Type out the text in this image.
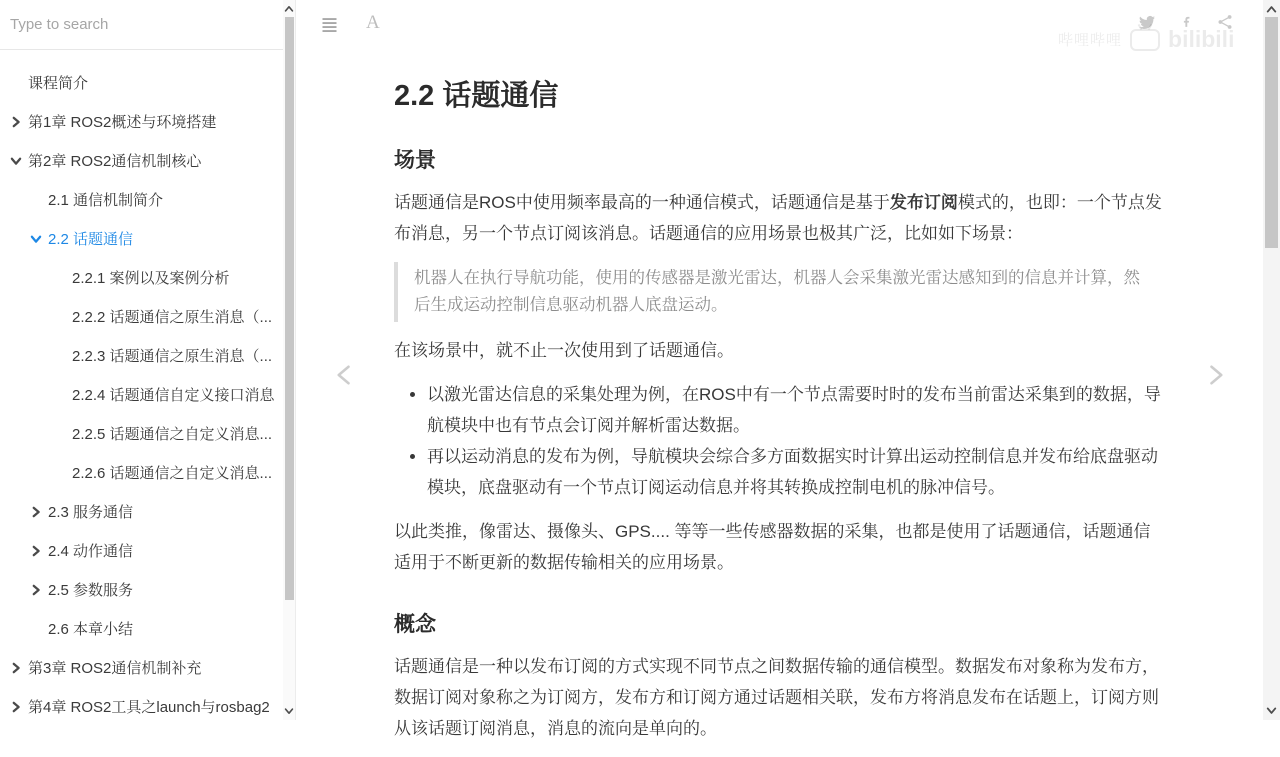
Type to search
课程简介
第1章 ROS2概述与环境搭建
第2章 ROS2通信机制核心
2.1 通信机制简介
2.2 话题通信
2.2.1 案例以及案例分析
2.2.2 话题通信之原生消息（...
2.2.3 话题通信之原生消息（...
2.2.4 话题通信自定义接口消息
2.2.5 话题通信之自定义消息...
2.2.6 话题通信之自定义消息...
2.3 服务通信
2.4 动作通信
2.5 参数服务
2.6 本章小结
第3章 ROS2通信机制补充
第4章 ROS2工具之launch与rosbag2
A
哔哩哔哩 bilibili
2.2 话题通信
场景

话题通信是ROS中使用频率最高的一种通信模式，话题通信是基于发布订阅模式的，也即：一个节点发布消息，另一个节点订阅该消息。话题通信的应用场景也极其广泛，比如如下场景：

机器人在执行导航功能，使用的传感器是激光雷达，机器人会采集激光雷达感知到的信息并计算，然后生成运动控制信息驱动机器人底盘运动。

在该场景中，就不止一次使用到了话题通信。

• 以激光雷达信息的采集处理为例，在ROS中有一个节点需要时时的发布当前雷达采集到的数据，导航模块中也有节点会订阅并解析雷达数据。
• 再以运动消息的发布为例，导航模块会综合多方面数据实时计算出运动控制信息并发布给底盘驱动模块，底盘驱动有一个节点订阅运动信息并将其转换成控制电机的脉冲信号。

以此类推，像雷达、摄像头、GPS.... 等等一些传感器数据的采集，也都是使用了话题通信，话题通信适用于不断更新的数据传输相关的应用场景。

概念

话题通信是一种以发布订阅的方式实现不同节点之间数据传输的通信模型。数据发布对象称为发布方，数据订阅对象称之为订阅方，发布方和订阅方通过话题相关联，发布方将消息发布在话题上，订阅方则从该话题订阅消息，消息的流向是单向的。
